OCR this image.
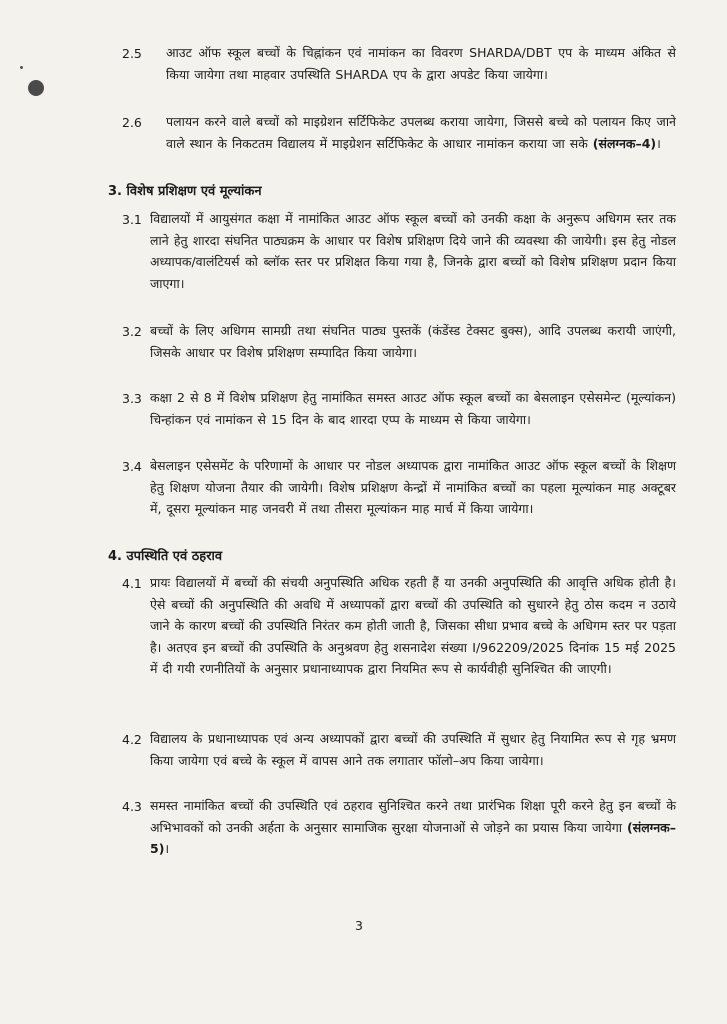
2.5 आउट ऑफ स्कूल बच्चों के चिह्नांकन एवं नामांकन का विवरण SHARDA/DBT एप के माध्यम अंकित से किया जायेगा तथा माहवार उपस्थिति SHARDA एप के द्वारा अपडेट किया जायेगा।
2.6 पलायन करने वाले बच्चों को माइग्रेशन सर्टिफिकेट उपलब्ध कराया जायेगा, जिससे बच्चे को पलायन किए जाने वाले स्थान के निकटतम विद्यालय में माइग्रेशन सर्टिफिकेट के आधार नामांकन कराया जा सके (संलग्नक–4)।
3. विशेष प्रशिक्षण एवं मूल्यांकन
3.1 विद्यालयों में आयुसंगत कक्षा में नामांकित आउट ऑफ स्कूल बच्चों को उनकी कक्षा के अनुरूप अधिगम स्तर तक लाने हेतु शारदा संघनित पाठ्यक्रम के आधार पर विशेष प्रशिक्षण दिये जाने की व्यवस्था की जायेगी। इस हेतु नोडल अध्यापक/वालंटियर्स को ब्लॉक स्तर पर प्रशिक्षत किया गया है, जिनके द्वारा बच्चों को विशेष प्रशिक्षण प्रदान किया जाएगा।
3.2 बच्चों के लिए अधिगम सामग्री तथा संघनित पाठ्य पुस्तकें (कंडेंस्ड टेक्सट बुक्स), आदि उपलब्ध करायी जाएंगी, जिसके आधार पर विशेष प्रशिक्षण सम्पादित किया जायेगा।
3.3 कक्षा 2 से 8 में विशेष प्रशिक्षण हेतु नामांकित समस्त आउट ऑफ स्कूल बच्चों का बेसलाइन एसेसमेन्ट (मूल्यांकन) चिन्हांकन एवं नामांकन से 15 दिन के बाद शारदा एप्प के माध्यम से किया जायेगा।
3.4 बेसलाइन एसेसमेंट के परिणामों के आधार पर नोडल अध्यापक द्वारा नामांकित आउट ऑफ स्कूल बच्चों के शिक्षण हेतु शिक्षण योजना तैयार की जायेगी। विशेष प्रशिक्षण केन्द्रों में नामांकित बच्चों का पहला मूल्यांकन माह अक्टूबर में, दूसरा मूल्यांकन माह जनवरी में तथा तीसरा मूल्यांकन माह मार्च में किया जायेगा।
4. उपस्थिति एवं ठहराव
4.1 प्रायः विद्यालयों में बच्चों की संचयी अनुपस्थिति अधिक रहती हैं या उनकी अनुपस्थिति की आवृत्ति अधिक होती है। ऐसे बच्चों की अनुपस्थिति की अवधि में अध्यापकों द्वारा बच्चों की उपस्थिति को सुधारने हेतु ठोस कदम न उठाये जाने के कारण बच्चों की उपस्थिति निरंतर कम होती जाती है, जिसका सीधा प्रभाव बच्चे के अधिगम स्तर पर पड़ता है। अतएव इन बच्चों की उपस्थिति के अनुश्रवण हेतु शसनादेश संख्या I/962209/2025 दिनांक 15 मई 2025 में दी गयी रणनीतियों के अनुसार प्रधानाध्यापक द्वारा नियमित रूप से कार्यवीही सुनिश्चित की जाएगी।
4.2 विद्यालय के प्रधानाध्यापक एवं अन्य अध्यापकों द्वारा बच्चों की उपस्थिति में सुधार हेतु नियामित रूप से गृह भ्रमण किया जायेगा एवं बच्चे के स्कूल में वापस आने तक लगातार फॉलो–अप किया जायेगा।
4.3 समस्त नामांकित बच्चों की उपस्थिति एवं ठहराव सुनिश्चित करने तथा प्रारंभिक शिक्षा पूरी करने हेतु इन बच्चों के अभिभावकों को उनकी अर्हता के अनुसार सामाजिक सुरक्षा योजनाओं से जोड़ने का प्रयास किया जायेगा (संलग्नक–5)।
3
